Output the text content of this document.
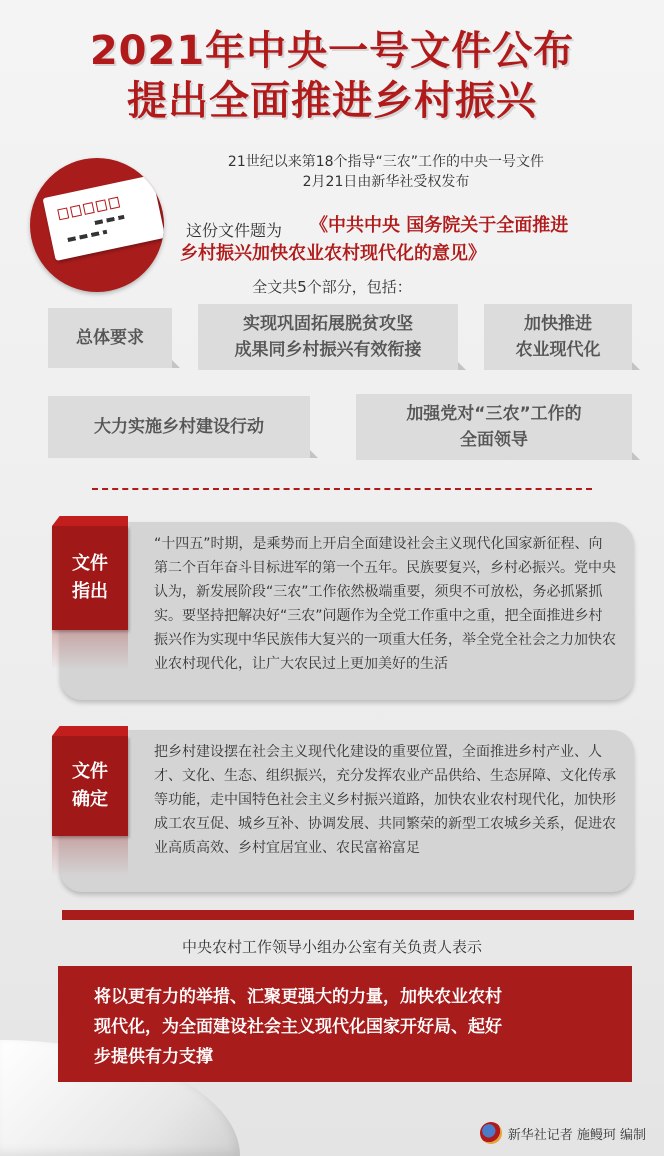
2021年中央一号文件公布
提出全面推进乡村振兴
21世纪以来第18个指导“三农”工作的中央一号文件
2月21日由新华社受权发布
这份文件题为	《中共中央 国务院关于全面推进
乡村振兴加快农业农村现代化的意见》
全文共5个部分，包括：
总体要求
实现巩固拓展脱贫攻坚
成果同乡村振兴有效衔接
加快推进
农业现代化
大力实施乡村建设行动
加强党对“三农”工作的
全面领导
“十四五”时期，是乘势而上开启全面建设社会主义现代化国家新征程、向第二个百年奋斗目标进军的第一个五年。民族要复兴，乡村必振兴。党中央认为，新发展阶段“三农”工作依然极端重要，须臾不可放松，务必抓紧抓实。要坚持把解决好“三农”问题作为全党工作重中之重，把全面推进乡村振兴作为实现中华民族伟大复兴的一项重大任务，举全党全社会之力加快农业农村现代化，让广大农民过上更加美好的生活
文件
指出
把乡村建设摆在社会主义现代化建设的重要位置，全面推进乡村产业、人才、文化、生态、组织振兴，充分发挥农业产品供给、生态屏障、文化传承等功能，走中国特色社会主义乡村振兴道路，加快农业农村现代化，加快形成工农互促、城乡互补、协调发展、共同繁荣的新型工农城乡关系，促进农业高质高效、乡村宜居宜业、农民富裕富足
文件
确定
中央农村工作领导小组办公室有关负责人表示
将以更有力的举措、汇聚更强大的力量，加快农业农村
现代化，为全面建设社会主义现代化国家开好局、起好
步提供有力支撑
新华社记者 施鳗珂 编制
